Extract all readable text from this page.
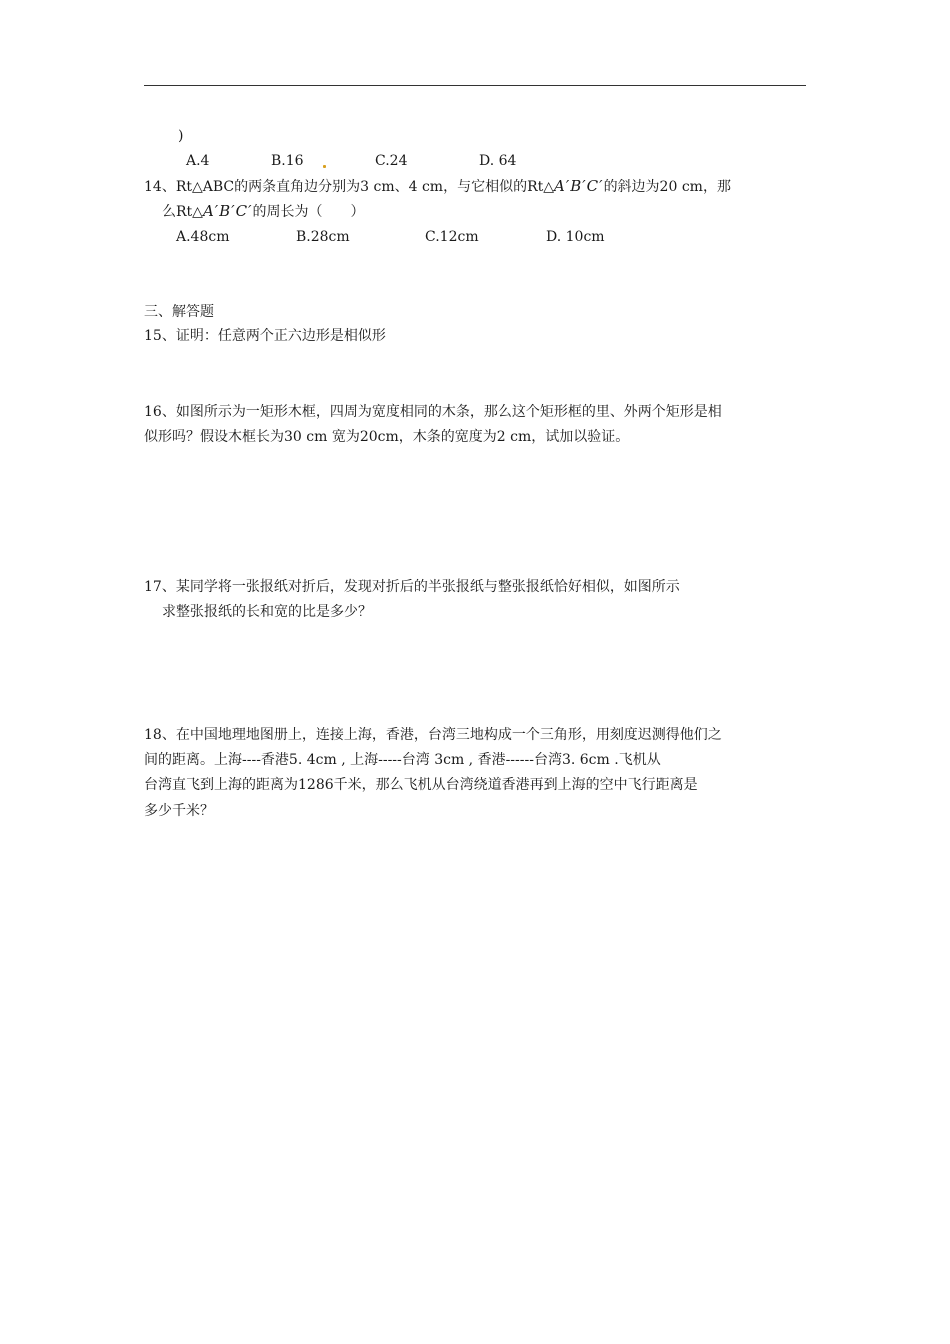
)
A.4	B.16	C.24	D. 64
14、Rt△ABC的两条直角边分别为3 cm、4 cm，与它相似的Rt△A′B′C′的斜边为20 cm，那
么Rt△A′B′C′的周长为（　　）
A.48cm	B.28cm	C.12cm	D. 10cm
三、解答题
15、证明：任意两个正六边形是相似形
16、如图所示为一矩形木框，四周为宽度相同的木条，那么这个矩形框的里、外两个矩形是相
似形吗？假设木框长为30 cm 宽为20cm，木条的宽度为2 cm，试加以验证。
17、某同学将一张报纸对折后，发现对折后的半张报纸与整张报纸恰好相似，如图所示
求整张报纸的长和宽的比是多少？
18、在中国地理地图册上，连接上海，香港，台湾三地构成一个三角形，用刻度迟测得他们之
间的距离。上海----香港5. 4cm , 上海-----台湾 3cm , 香港------台湾3. 6cm .飞机从
台湾直飞到上海的距离为1286千米，那么飞机从台湾绕道香港再到上海的空中飞行距离是
多少千米？
